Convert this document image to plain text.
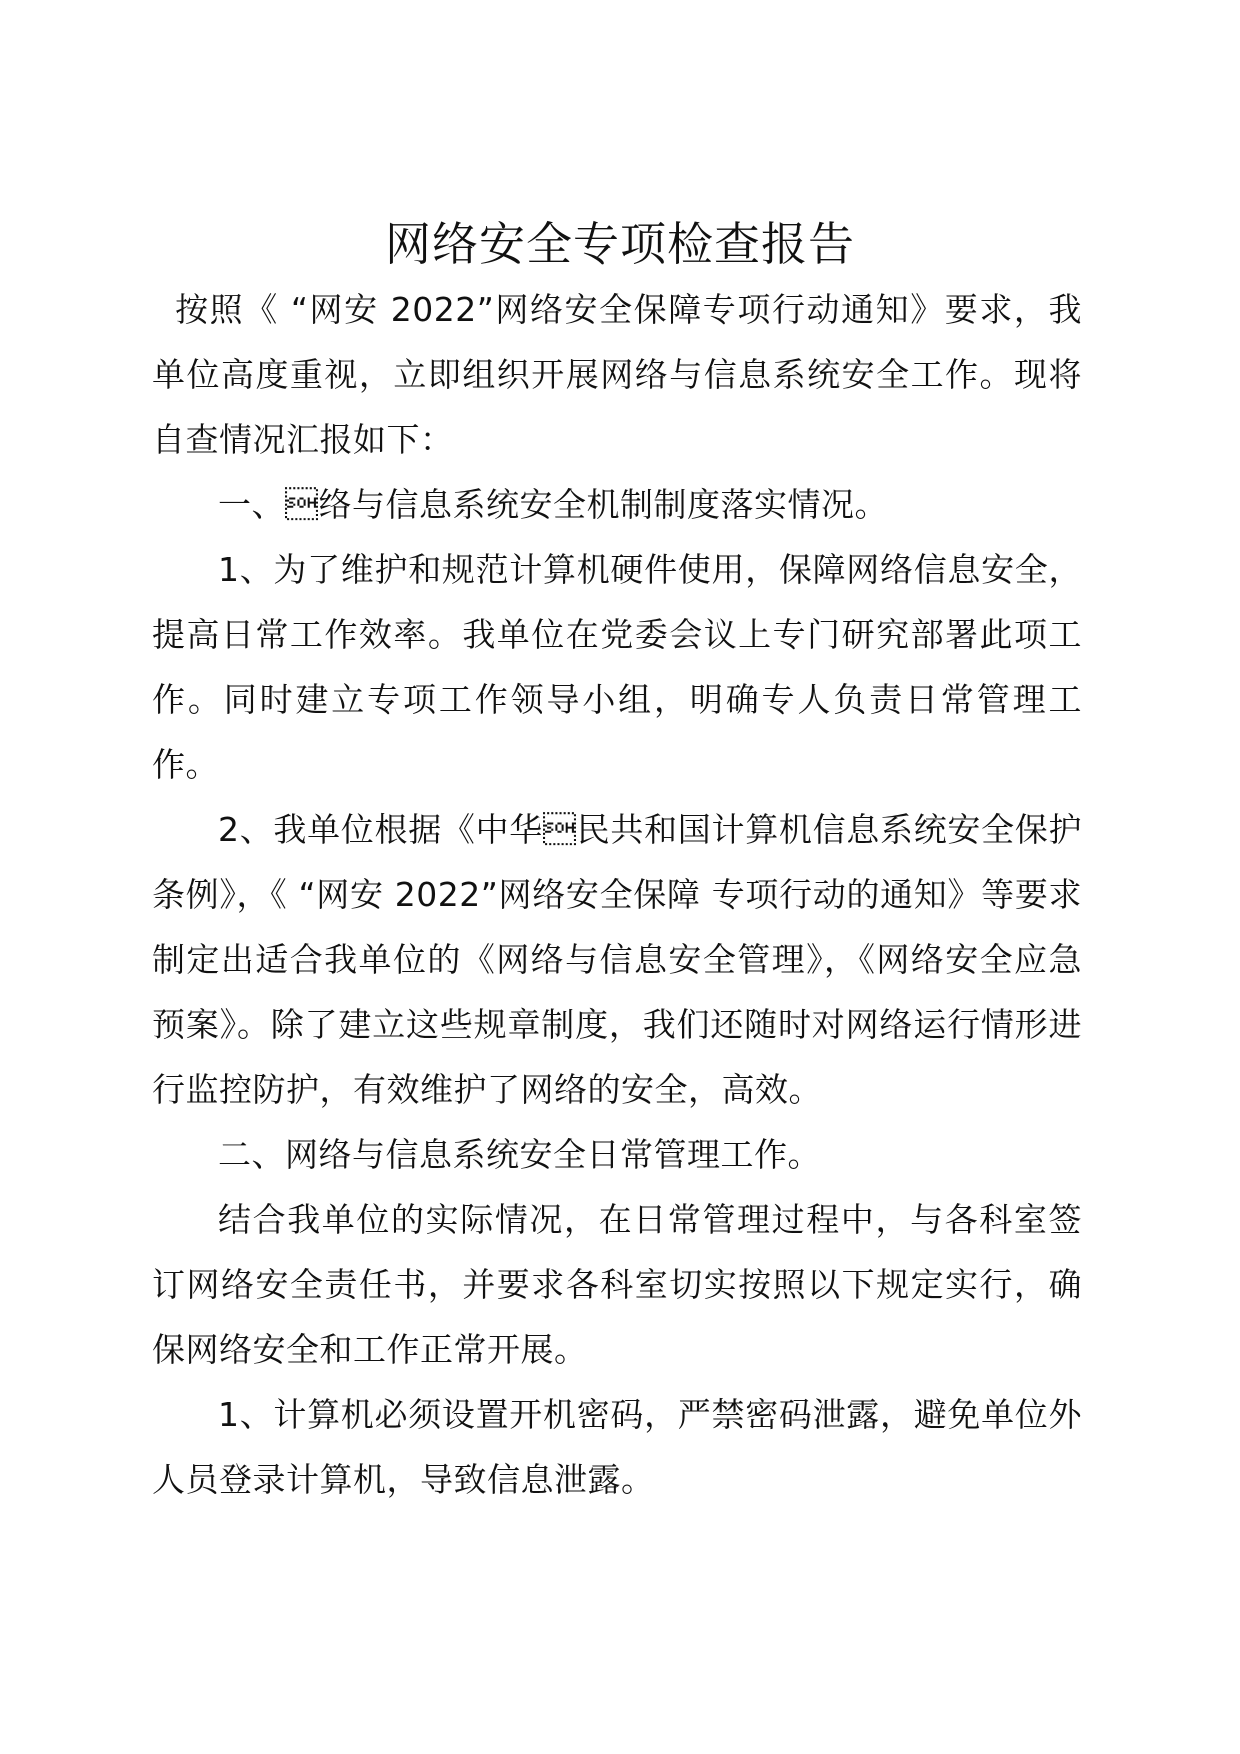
网络安全专项检查报告

按照《 “网安 2022”网络安全保障专项行动通知》要求，我单位高度重视，立即组织开展网络与信息系统安全工作。现将自查情况汇报如下：

一、络与信息系统安全机制制度落实情况。

1、为了维护和规范计算机硬件使用，保障网络信息安全，提高日常工作效率。我单位在党委会议上专门研究部署此项工作。同时建立专项工作领导小组，明确专人负责日常管理工作。

2、我单位根据《中华民共和国计算机信息系统安全保护条例》，《 “网安 2022”网络安全保障 专项行动的通知》等要求制定出适合我单位的《网络与信息安全管理》，《网络安全应急预案》。除了建立这些规章制度，我们还随时对网络运行情形进行监控防护，有效维护了网络的安全，高效。

二、网络与信息系统安全日常管理工作。

结合我单位的实际情况，在日常管理过程中，与各科室签订网络安全责任书，并要求各科室切实按照以下规定实行，确保网络安全和工作正常开展。

1、计算机必须设置开机密码，严禁密码泄露，避免单位外人员登录计算机，导致信息泄露。
